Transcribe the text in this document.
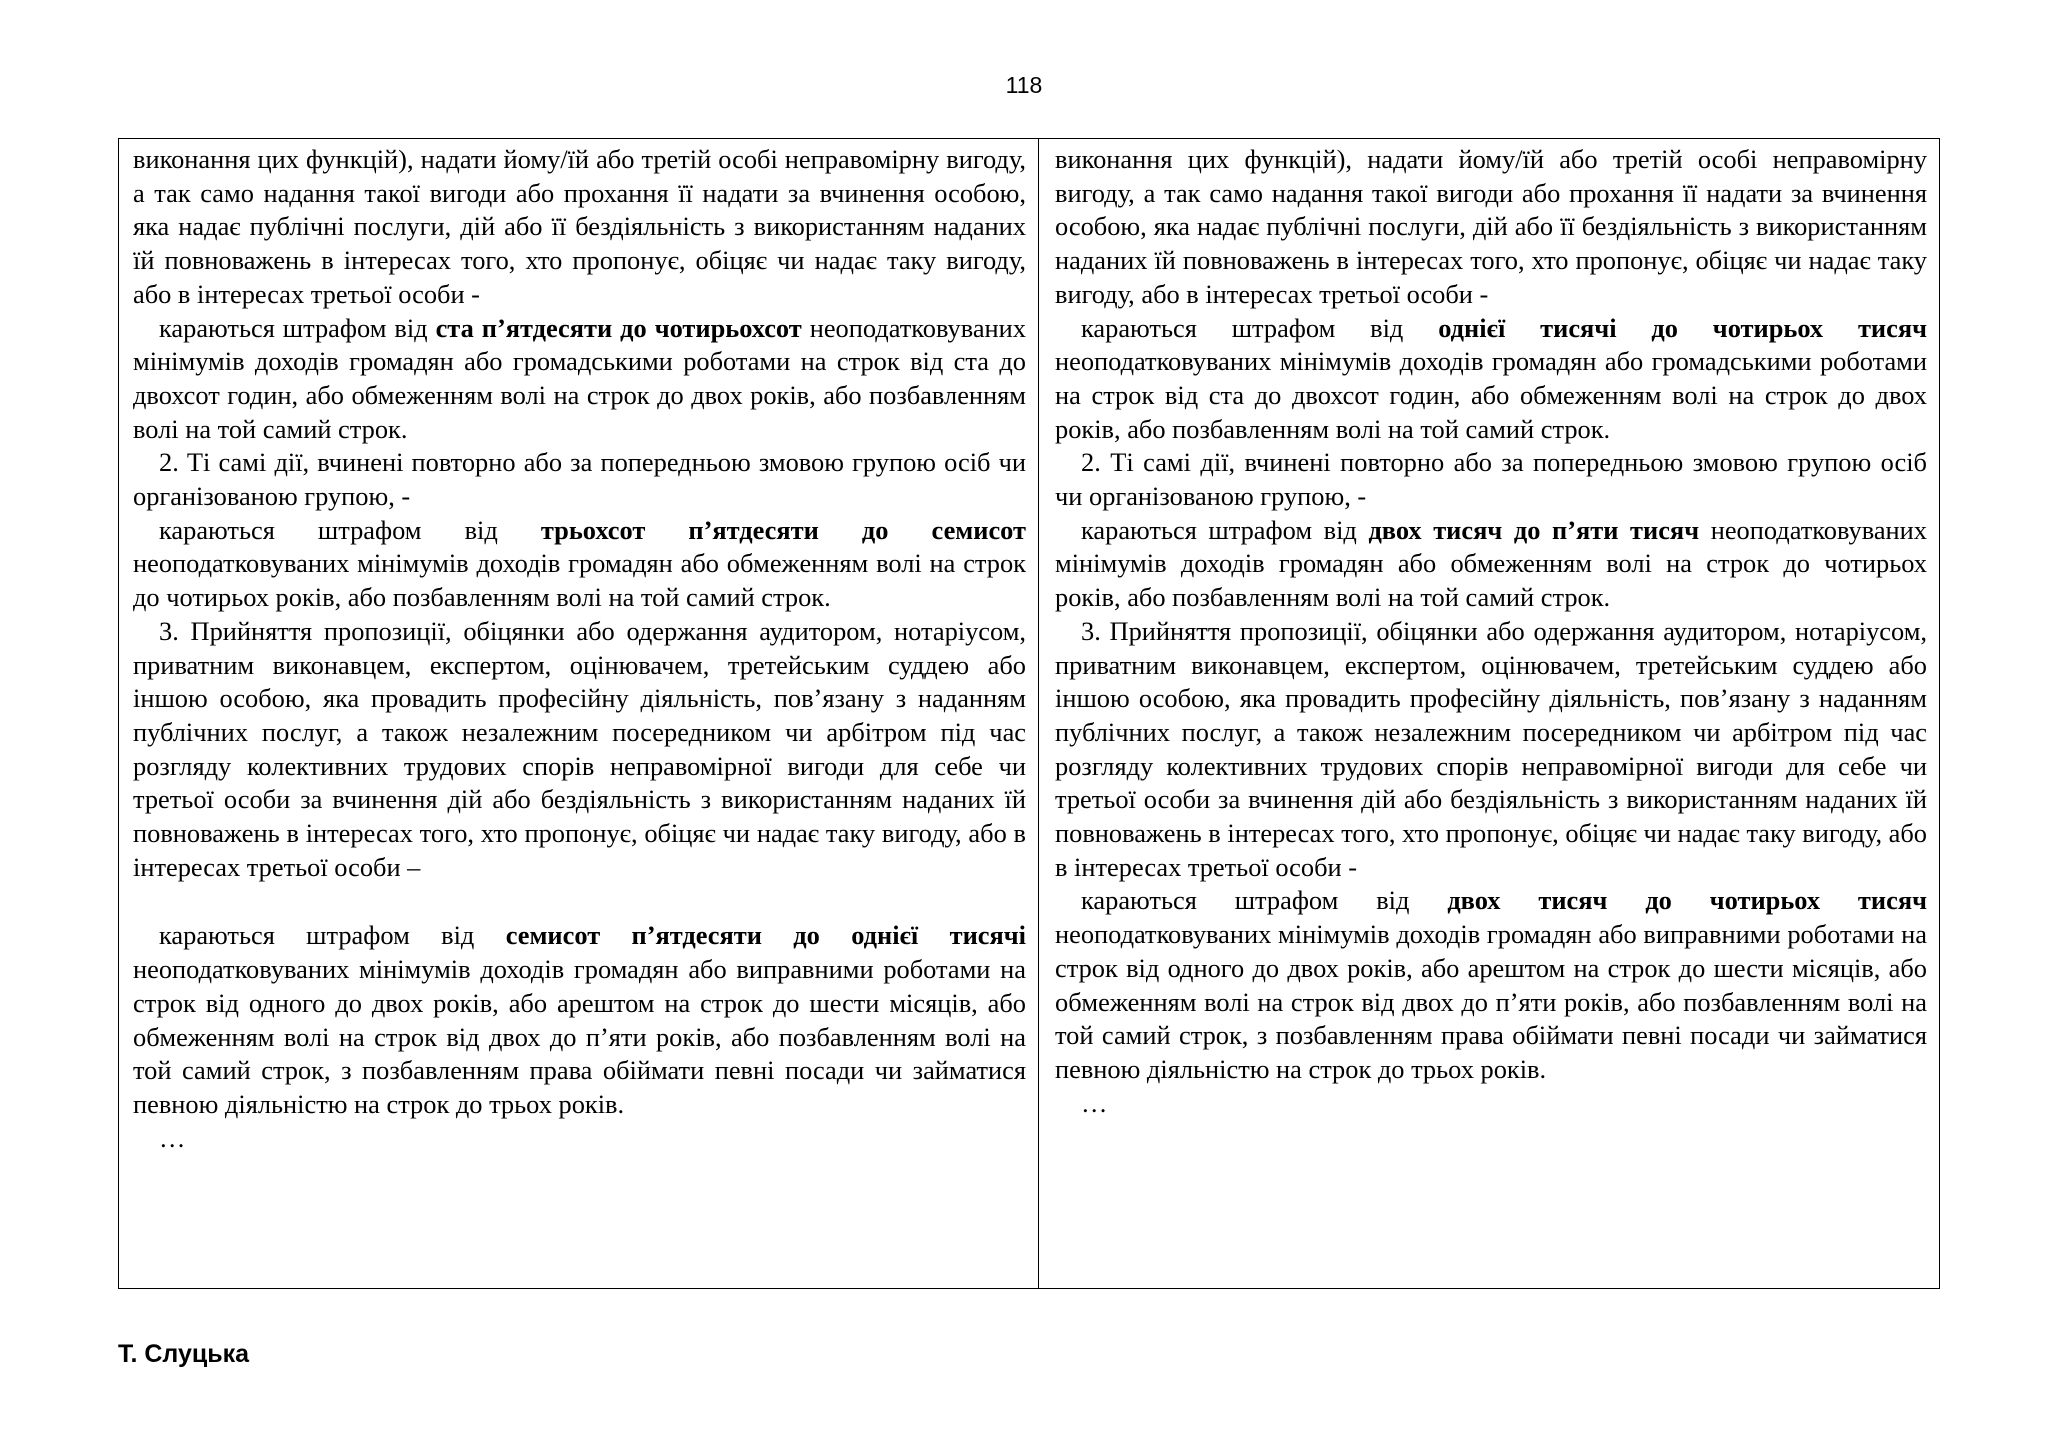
118

виконання цих функцій), надати йому/їй або третій особі неправомірну вигоду, а так само надання такої вигоди або прохання її надати за вчинення особою, яка надає публічні послуги, дій або її бездіяльність з використанням наданих їй повноважень в інтересах того, хто пропонує, обіцяє чи надає таку вигоду, або в інтересах третьої особи -

караються штрафом від ста п’ятдесяти до чотирьохсот неоподатковуваних мінімумів доходів громадян або громадськими роботами на строк від ста до двохсот годин, або обмеженням волі на строк до двох років, або позбавленням волі на той самий строк.

2. Ті самі дії, вчинені повторно або за попередньою змовою групою осіб чи організованою групою, -

караються штрафом від трьохсот п’ятдесяти до семисот неоподатковуваних мінімумів доходів громадян або обмеженням волі на строк до чотирьох років, або позбавленням волі на той самий строк.

3. Прийняття пропозиції, обіцянки або одержання аудитором, нотаріусом, приватним виконавцем, експертом, оцінювачем, третейським суддею або іншою особою, яка провадить професійну діяльність, пов’язану з наданням публічних послуг, а також незалежним посередником чи арбітром під час розгляду колективних трудових спорів неправомірної вигоди для себе чи третьої особи за вчинення дій або бездіяльність з використанням наданих їй повноважень в інтересах того, хто пропонує, обіцяє чи надає таку вигоду, або в інтересах третьої особи –

караються штрафом від семисот п’ятдесяти до однієї тисячі неоподатковуваних мінімумів доходів громадян або виправними роботами на строк від одного до двох років, або арештом на строк до шести місяців, або обмеженням волі на строк від двох до п’яти років, або позбавленням волі на той самий строк, з позбавленням права обіймати певні посади чи займатися певною діяльністю на строк до трьох років.

…

виконання цих функцій), надати йому/їй або третій особі неправомірну вигоду, а так само надання такої вигоди або прохання її надати за вчинення особою, яка надає публічні послуги, дій або її бездіяльність з використанням наданих їй повноважень в інтересах того, хто пропонує, обіцяє чи надає таку вигоду, або в інтересах третьої особи -

караються штрафом від однієї тисячі до чотирьох тисяч неоподатковуваних мінімумів доходів громадян або громадськими роботами на строк від ста до двохсот годин, або обмеженням волі на строк до двох років, або позбавленням волі на той самий строк.

2. Ті самі дії, вчинені повторно або за попередньою змовою групою осіб чи організованою групою, -

караються штрафом від двох тисяч до п’яти тисяч неоподатковуваних мінімумів доходів громадян або обмеженням волі на строк до чотирьох років, або позбавленням волі на той самий строк.

3. Прийняття пропозиції, обіцянки або одержання аудитором, нотаріусом, приватним виконавцем, експертом, оцінювачем, третейським суддею або іншою особою, яка провадить професійну діяльність, пов’язану з наданням публічних послуг, а також незалежним посередником чи арбітром під час розгляду колективних трудових спорів неправомірної вигоди для себе чи третьої особи за вчинення дій або бездіяльність з використанням наданих їй повноважень в інтересах того, хто пропонує, обіцяє чи надає таку вигоду, або в інтересах третьої особи -

караються штрафом від двох тисяч до чотирьох тисяч неоподатковуваних мінімумів доходів громадян або виправними роботами на строк від одного до двох років, або арештом на строк до шести місяців, або обмеженням волі на строк від двох до п’яти років, або позбавленням волі на той самий строк, з позбавленням права обіймати певні посади чи займатися певною діяльністю на строк до трьох років.

…

Т. Слуцька
